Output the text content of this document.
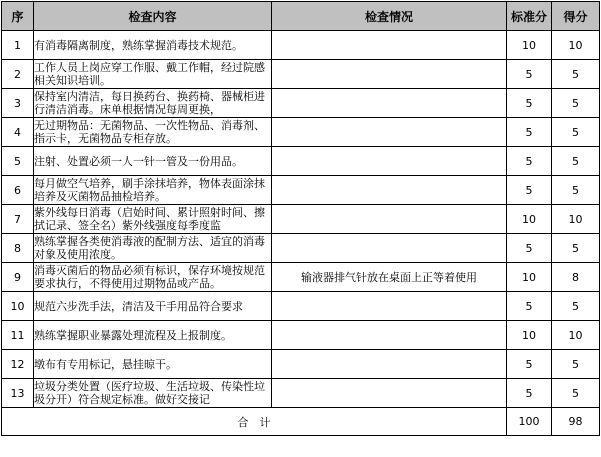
序	检查内容	检查情况	标准分	得分
1	有消毒隔离制度，熟练掌握消毒技术规范。		10	10
2	工作人员上岗应穿工作服、戴工作帽，经过院感相关知识培训。		5	5
3	保持室内清洁，每日换药台、换药椅、器械柜进行清洁消毒。床单根据情况每周更换，		5	5
4	无过期物品：无菌物品、一次性物品、消毒剂、指示卡，无菌物品专柜存放。		5	5
5	注射、处置必须一人一针一管及一份用品。		5	5
6	每月做空气培养，刷手涂抹培养，物体表面涂抹培养及灭菌物品抽检培养。		5	5
7	紫外线每日消毒（启始时间、累计照射时间、擦拭记录、签全名）紫外线强度每季度监		10	10
8	熟练掌握各类使消毒液的配制方法、适宜的消毒对象及使用浓度。		5	5
9	消毒灭菌后的物品必须有标识，保存环境按规范要求执行，不得使用过期物品或产品。	输液器排气针放在桌面上正等着使用	10	8
10	规范六步洗手法，清洁及干手用品符合要求		5	5
11	熟练掌握职业暴露处理流程及上报制度。		10	10
12	墩布有专用标记，悬挂晾干。		5	5
13	垃圾分类处置（医疗垃圾、生活垃圾、传染性垃圾分开）符合规定标准。做好交接记		5	5
合　计			100	98
